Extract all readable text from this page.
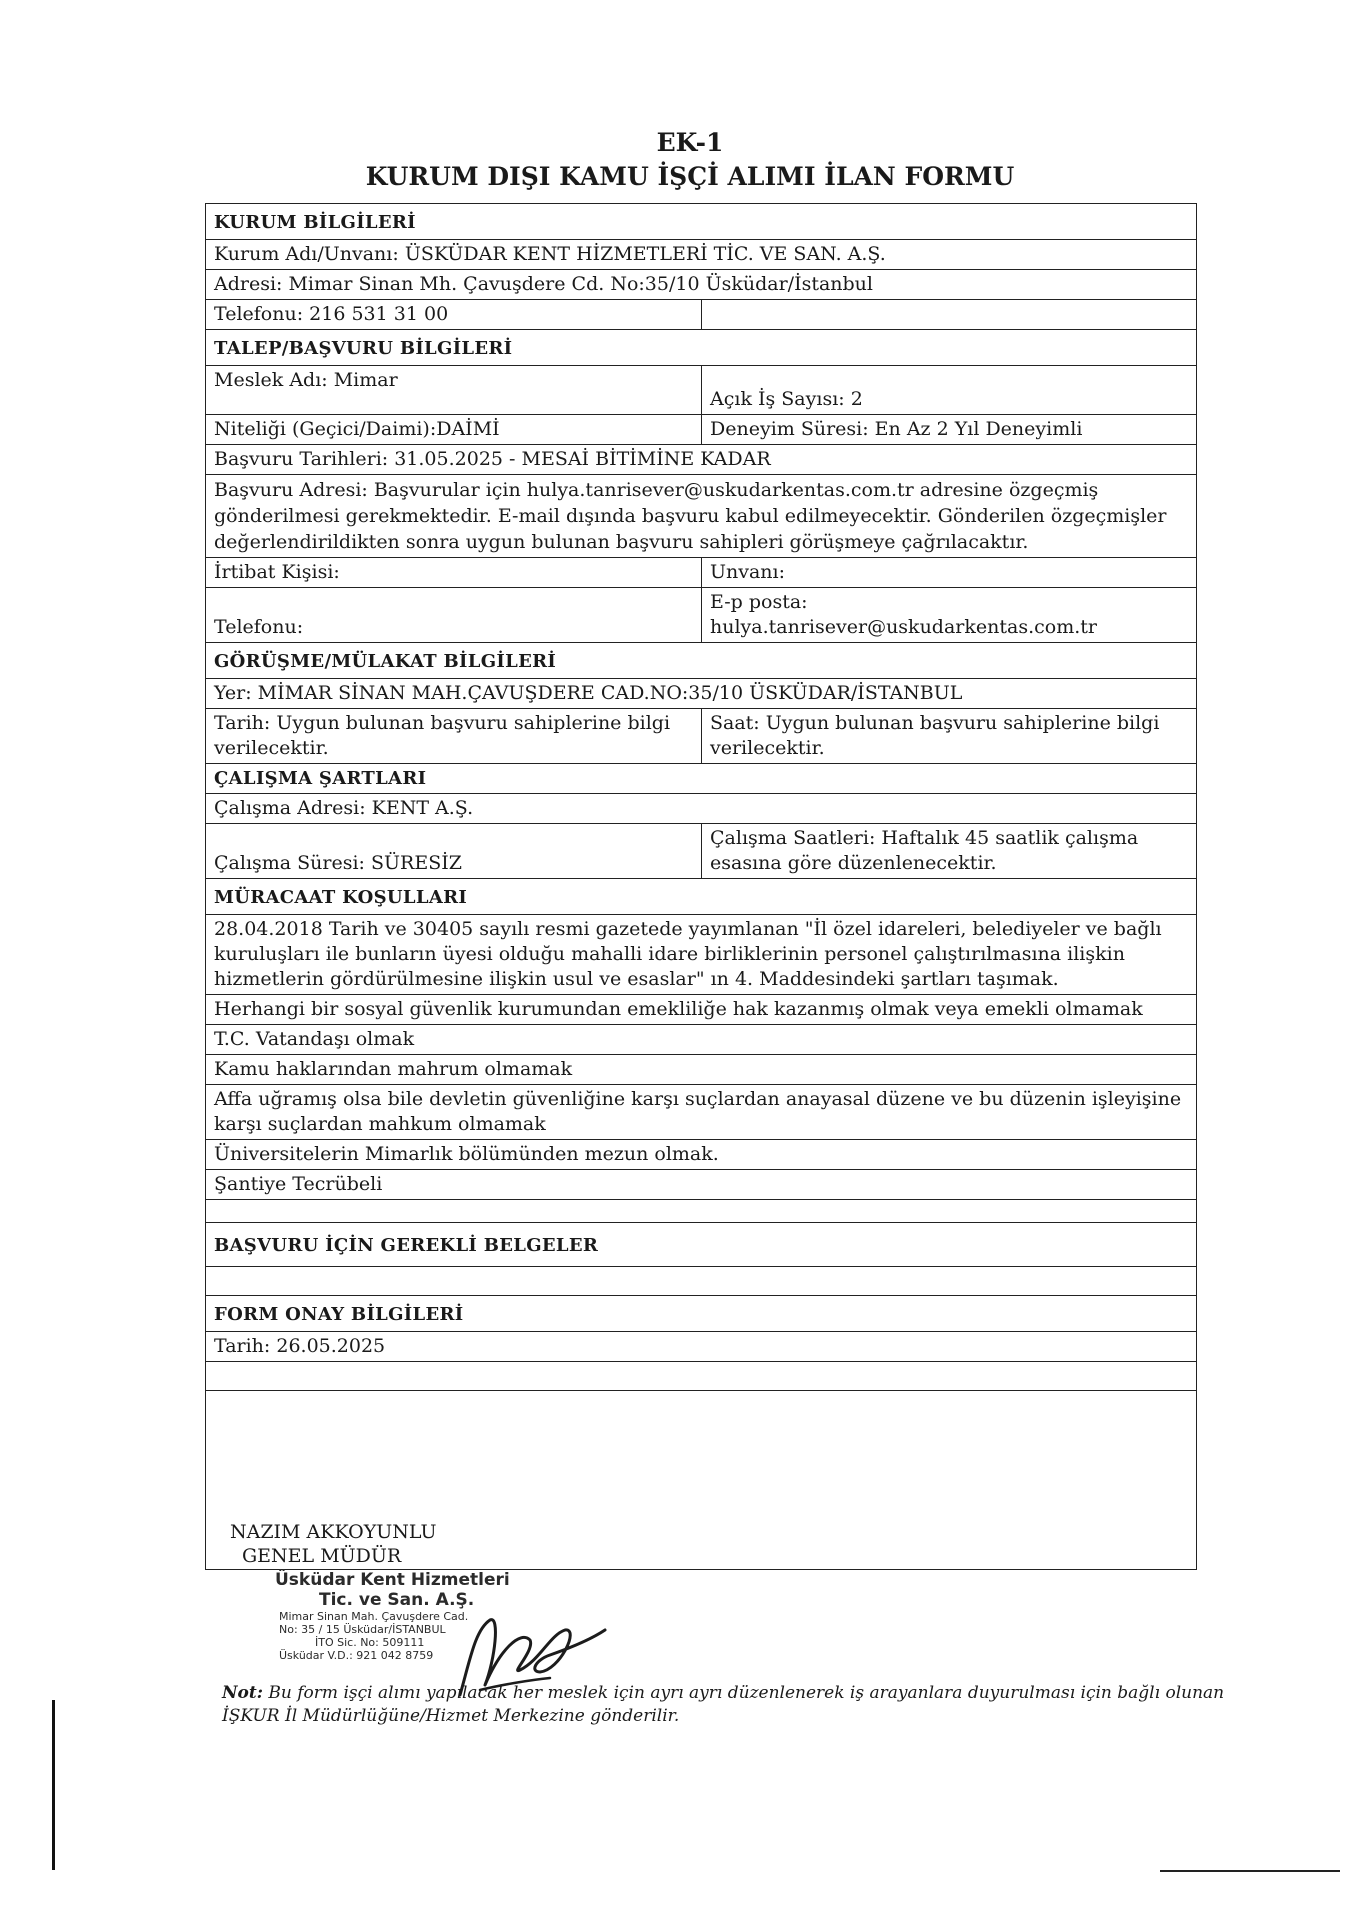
EK-1
KURUM DIŞI KAMU İŞÇİ ALIMI İLAN FORMU
KURUM BİLGİLERİ
Kurum Adı/Unvanı: ÜSKÜDAR KENT HİZMETLERİ TİC. VE SAN. A.Ş.
Adresi: Mimar Sinan Mh. Çavuşdere Cd. No:35/10 Üsküdar/İstanbul
Telefonu: 216 531 31 00
TALEP/BAŞVURU BİLGİLERİ
Meslek Adı: Mimar
Açık İş Sayısı: 2
Niteliği (Geçici/Daimi):DAİMİ	Deneyim Süresi: En Az 2 Yıl Deneyimli
Başvuru Tarihleri: 31.05.2025 - MESAİ BİTİMİNE KADAR
Başvuru Adresi: Başvurular için hulya.tanrisever@uskudarkentas.com.tr adresine özgeçmiş gönderilmesi gerekmektedir. E-mail dışında başvuru kabul edilmeyecektir. Gönderilen özgeçmişler değerlendirildikten sonra uygun bulunan başvuru sahipleri görüşmeye çağrılacaktır.
İrtibat Kişisi:	Unvanı:
Telefonu:
E-p posta:
hulya.tanrisever@uskudarkentas.com.tr
GÖRÜŞME/MÜLAKAT BİLGİLERİ
Yer: MİMAR SİNAN MAH.ÇAVUŞDERE CAD.NO:35/10 ÜSKÜDAR/İSTANBUL
Tarih: Uygun bulunan başvuru sahiplerine bilgi verilecektir.
Saat: Uygun bulunan başvuru sahiplerine bilgi verilecektir.
ÇALIŞMA ŞARTLARI
Çalışma Adresi: KENT A.Ş.
Çalışma Süresi: SÜRESİZ
Çalışma Saatleri: Haftalık 45 saatlik çalışma esasına göre düzenlenecektir.
MÜRACAAT KOŞULLARI
28.04.2018 Tarih ve 30405 sayılı resmi gazetede yayımlanan "İl özel idareleri, belediyeler ve bağlı kuruluşları ile bunların üyesi olduğu mahalli idare birliklerinin personel çalıştırılmasına ilişkin hizmetlerin gördürülmesine ilişkin usul ve esaslar" ın 4. Maddesindeki şartları taşımak.
Herhangi bir sosyal güvenlik kurumundan emekliliğe hak kazanmış olmak veya emekli olmamak
T.C. Vatandaşı olmak
Kamu haklarından mahrum olmamak
Affa uğramış olsa bile devletin güvenliğine karşı suçlardan anayasal düzene ve bu düzenin işleyişine karşı suçlardan mahkum olmamak
Üniversitelerin Mimarlık bölümünden mezun olmak.
Şantiye Tecrübeli
BAŞVURU İÇİN GEREKLİ BELGELER
FORM ONAY BİLGİLERİ
Tarih: 26.05.2025
NAZIM AKKOYUNLU
GENEL MÜDÜR
Üsküdar Kent Hizmetleri
Tic. ve San. A.Ş.
Mimar Sinan Mah. Çavuşdere Cad.
No: 35 / 15 Üsküdar/İSTANBUL
İTO Sic. No: 509111
Üsküdar V.D.: 921 042 8759
Not: Bu form işçi alımı yapılacak her meslek için ayrı ayrı düzenlenerek iş arayanlara duyurulması için bağlı olunan İŞKUR İl Müdürlüğüne/Hizmet Merkezine gönderilir.
